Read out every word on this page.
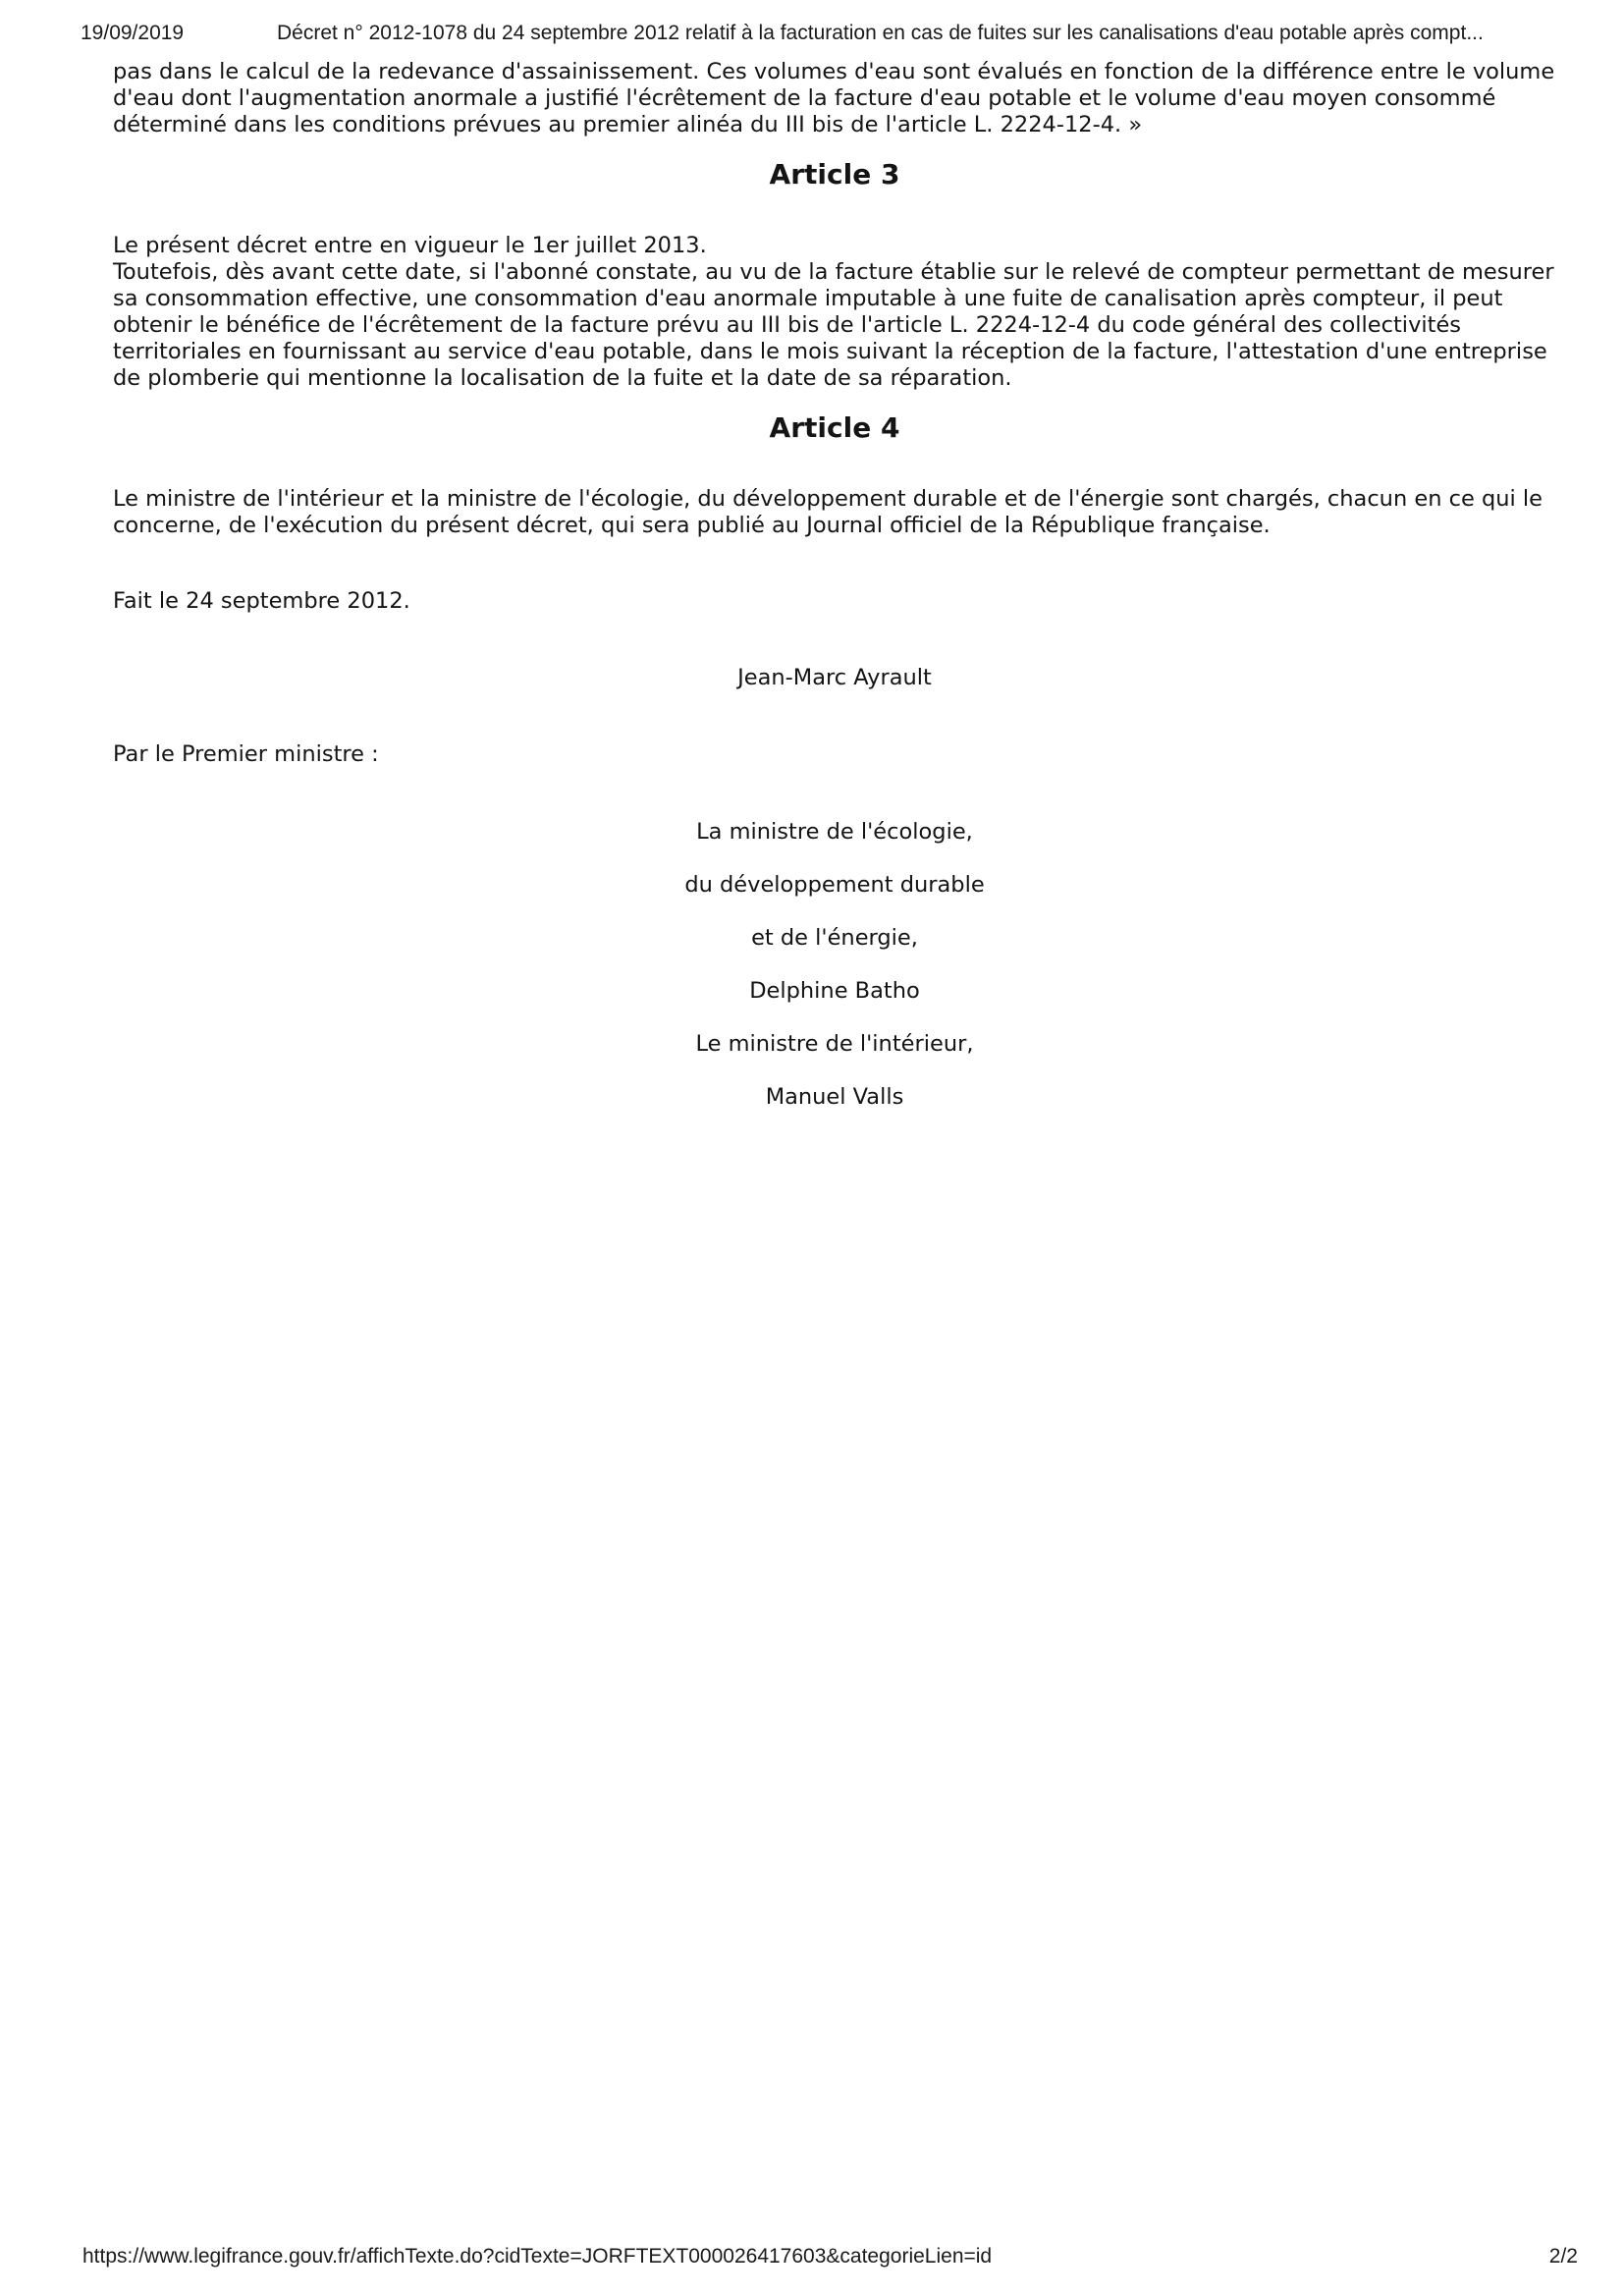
19/09/2019	Décret n° 2012-1078 du 24 septembre 2012 relatif à la facturation en cas de fuites sur les canalisations d'eau potable après compt...

pas dans le calcul de la redevance d'assainissement. Ces volumes d'eau sont évalués en fonction de la différence entre le volume d'eau dont l'augmentation anormale a justifié l'écrêtement de la facture d'eau potable et le volume d'eau moyen consommé déterminé dans les conditions prévues au premier alinéa du III bis de l'article L. 2224-12-4. »

Article 3

Le présent décret entre en vigueur le 1er juillet 2013.

Toutefois, dès avant cette date, si l'abonné constate, au vu de la facture établie sur le relevé de compteur permettant de mesurer sa consommation effective, une consommation d'eau anormale imputable à une fuite de canalisation après compteur, il peut obtenir le bénéfice de l'écrêtement de la facture prévu au III bis de l'article L. 2224-12-4 du code général des collectivités territoriales en fournissant au service d'eau potable, dans le mois suivant la réception de la facture, l'attestation d'une entreprise de plomberie qui mentionne la localisation de la fuite et la date de sa réparation.

Article 4

Le ministre de l'intérieur et la ministre de l'écologie, du développement durable et de l'énergie sont chargés, chacun en ce qui le concerne, de l'exécution du présent décret, qui sera publié au Journal officiel de la République française.

Fait le 24 septembre 2012.

Jean-Marc Ayrault

Par le Premier ministre :

La ministre de l'écologie,

du développement durable

et de l'énergie,

Delphine Batho

Le ministre de l'intérieur,

Manuel Valls

https://www.legifrance.gouv.fr/affichTexte.do?cidTexte=JORFTEXT000026417603&categorieLien=id	2/2
